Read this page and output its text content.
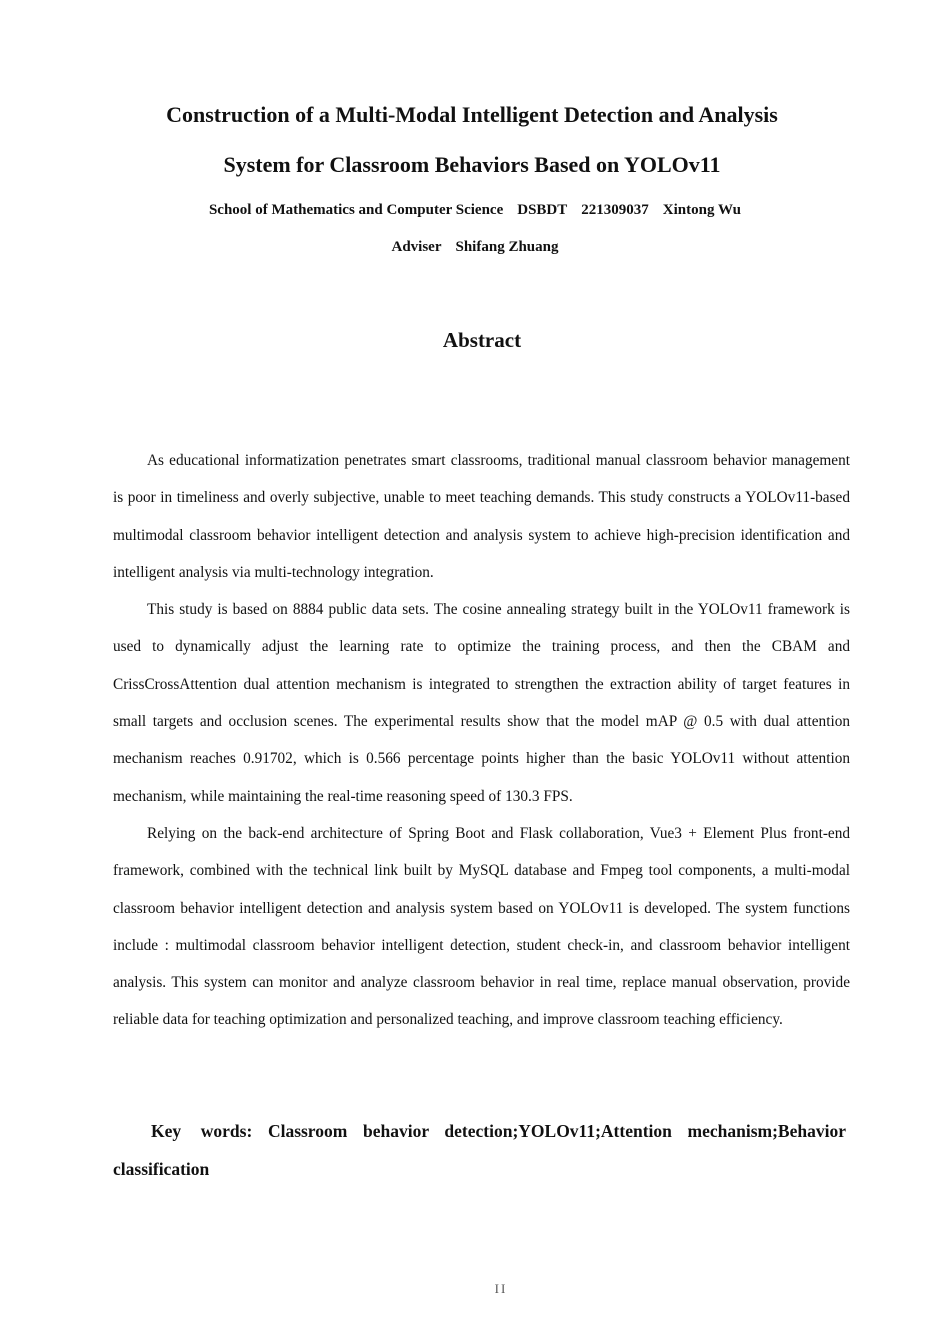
Construction of a Multi-Modal Intelligent Detection and Analysis
System for Classroom Behaviors Based on YOLOv11
School of Mathematics and Computer Science DSBDT 221309037 Xintong Wu
Adviser Shifang Zhuang
Abstract

As educational informatization penetrates smart classrooms, traditional manual classroom behavior management is poor in timeliness and overly subjective, unable to meet teaching demands. This study constructs a YOLOv11-based multimodal classroom behavior intelligent detection and analysis system to achieve high-precision identification and intelligent analysis via multi-technology integration.

This study is based on 8884 public data sets. The cosine annealing strategy built in the YOLOv11 framework is used to dynamically adjust the learning rate to optimize the training process, and then the CBAM and CrissCrossAttention dual attention mechanism is integrated to strengthen the extraction ability of target features in small targets and occlusion scenes. The experimental results show that the model mAP @ 0.5 with dual attention mechanism reaches 0.91702, which is 0.566 percentage points higher than the basic YOLOv11 without attention mechanism, while maintaining the real-time reasoning speed of 130.3 FPS.

Relying on the back-end architecture of Spring Boot and Flask collaboration, Vue3 + Element Plus front-end framework, combined with the technical link built by MySQL database and Fmpeg tool components, a multi-modal classroom behavior intelligent detection and analysis system based on YOLOv11 is developed. The system functions include : multimodal classroom behavior intelligent detection, student check-in, and classroom behavior intelligent analysis. This system can monitor and analyze classroom behavior in real time, replace manual observation, provide reliable data for teaching optimization and personalized teaching, and improve classroom teaching efficiency.

Key words: Classroom behavior detection;YOLOv11;Attention mechanism;Behavior classification

II
